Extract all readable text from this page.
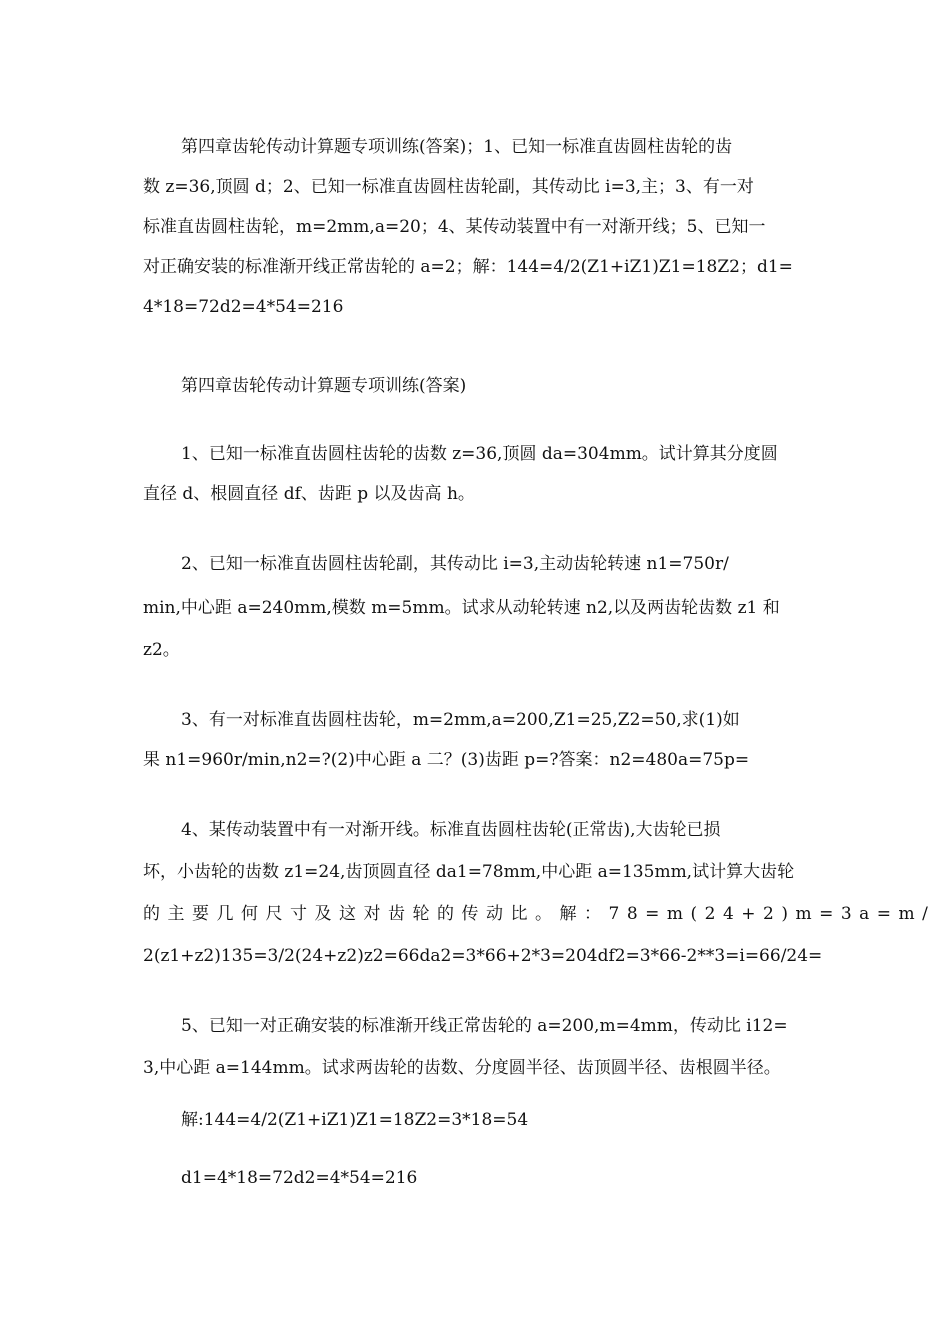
第四章齿轮传动计算题专项训练(答案)；1、已知一标准直齿圆柱齿轮的齿

数 z=36,顶圆 d；2、已知一标准直齿圆柱齿轮副，其传动比 i=3,主；3、有一对

标准直齿圆柱齿轮，m=2mm,a=20；4、某传动装置中有一对渐开线；5、已知一

对正确安装的标准渐开线正常齿轮的 a=2；解：144=4/2(Z1+iZ1)Z1=18Z2；d1=

4*18=72d2=4*54=216

第四章齿轮传动计算题专项训练(答案)

1、已知一标准直齿圆柱齿轮的齿数 z=36,顶圆 da=304mm。试计算其分度圆

直径 d、根圆直径 df、齿距 p 以及齿高 h。

2、已知一标准直齿圆柱齿轮副，其传动比 i=3,主动齿轮转速 n1=750r/

min,中心距 a=240mm,模数 m=5mm。试求从动轮转速 n2,以及两齿轮齿数 z1 和

z2。

3、有一对标准直齿圆柱齿轮，m=2mm,a=200,Z1=25,Z2=50,求(1)如

果 n1=960r/min,n2=?(2)中心距 a 二？(3)齿距 p=?答案：n2=480a=75p=

4、某传动装置中有一对渐开线。标准直齿圆柱齿轮(正常齿),大齿轮已损

坏，小齿轮的齿数 z1=24,齿顶圆直径 da1=78mm,中心距 a=135mm,试计算大齿轮

的主要几何尺寸及这对齿轮的传动比。解：78=m(24+2)m=3a=m/

2(z1+z2)135=3/2(24+z2)z2=66da2=3*66+2*3=204df2=3*66-2**3=i=66/24=

5、已知一对正确安装的标准渐开线正常齿轮的 a=200,m=4mm，传动比 i12=

3,中心距 a=144mm。试求两齿轮的齿数、分度圆半径、齿顶圆半径、齿根圆半径。

解:144=4/2(Z1+iZ1)Z1=18Z2=3*18=54

d1=4*18=72d2=4*54=216
